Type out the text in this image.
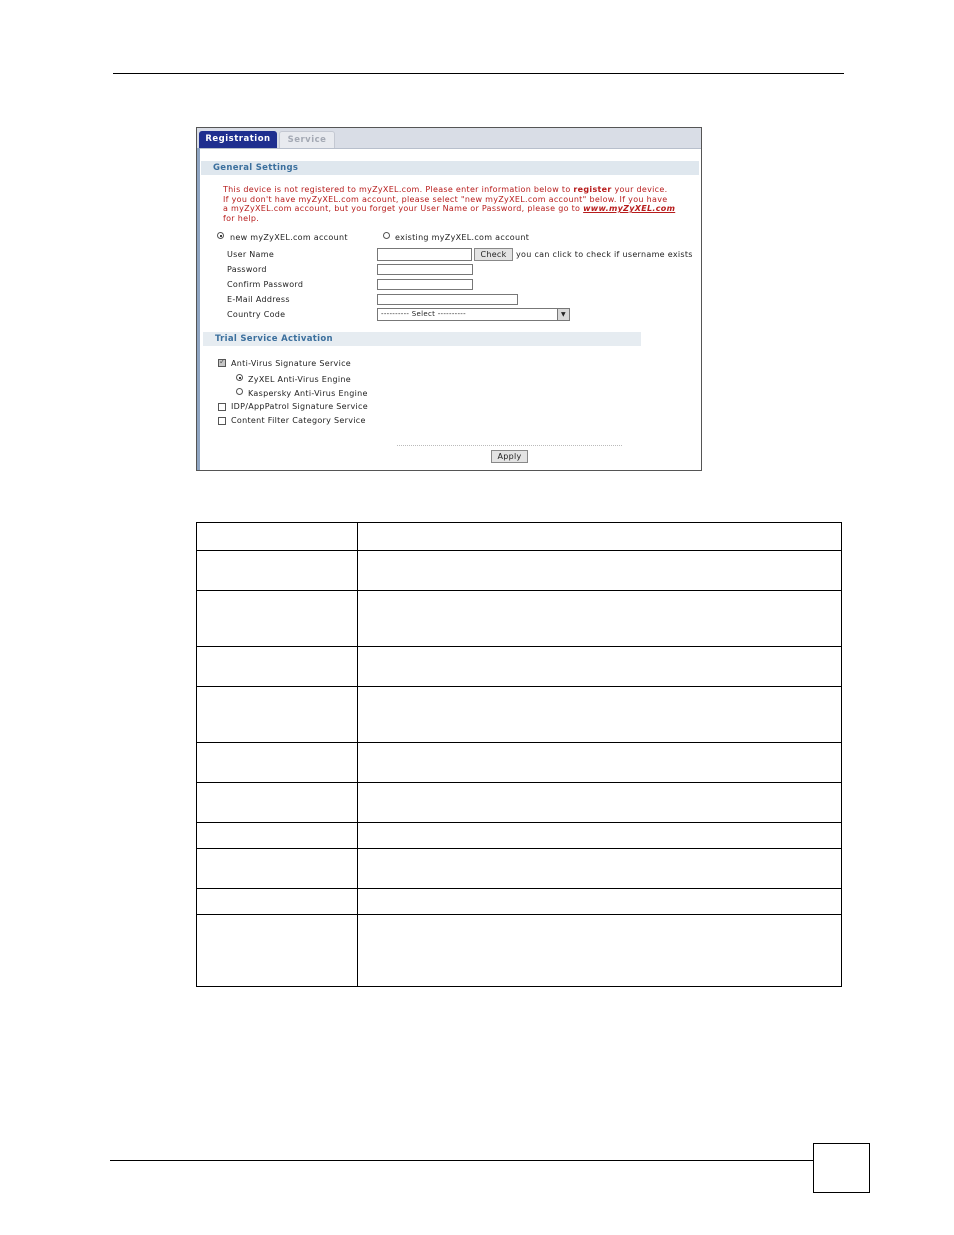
Registration	Service
General Settings
This device is not registered to myZyXEL.com. Please enter information below to register your device.
If you don't have myZyXEL.com account, please select "new myZyXEL.com account" below. If you have
a myZyXEL.com account, but you forget your User Name or Password, please go to www.myZyXEL.com
for help.
new myZyXEL.com account	existing myZyXEL.com account
User Name	Check	you can click to check if username exists
Password
Confirm Password
E-Mail Address
Country Code	---------- Select ----------	▼
Trial Service Activation
✓
Anti-Virus Signature Service
ZyXEL Anti-Virus Engine
Kaspersky Anti-Virus Engine
IDP/AppPatrol Signature Service
Content Filter Category Service
Apply
